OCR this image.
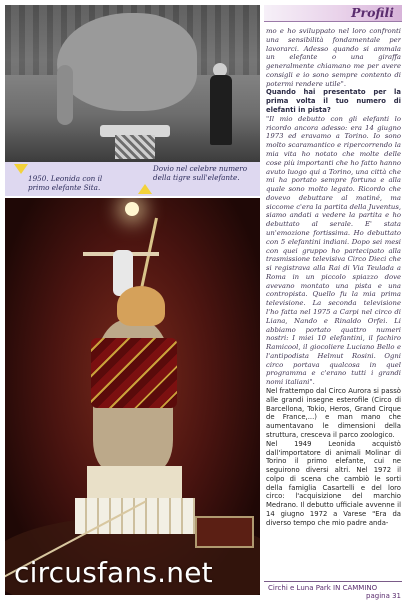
1950. Leonida con il primo elefante Sita.
Dovio nel celebre numero della tigre sull'elefante.
circusfans.net
Profili

mo e ho sviluppato nel loro confronti una sensibilità fondamentale per lavorarci. Adesso quando si ammala un elefante o una giraffa generalmente chiamano me per avere consigli e io sono sempre contento di potermi rendere utile".

Quando hai presentato per la prima volta il tuo numero di elefanti in pista?

"Il mio debutto con gli elefanti lo ricordo ancora adesso: era 14 giugno 1973 ed eravamo a Torino. Io sono molto scaramantico e ripercorrendo la mia vita ho notato che molte delle cose più importanti che ho fatto hanno avuto luogo qui a Torino, una città che mi ha portato sempre fortuna e alla quale sono molto legato. Ricordo che dovevo debuttare al matiné, ma siccome c'era la partita della Juventus, siamo andati a vedere la partita e ho debuttato al serale. E' stata un'emozione fortissima. Ho debuttato con 5 elefantini indiani. Dopo sei mesi con quei gruppo ho partecipato alla trasmissione televisiva Circo Dieci che si registrava alla Rai di Via Teulada a Roma in un piccolo spiazzo dove avevano montato una pista e una contropista. Quello fu la mia prima televisione. La seconda televisione l'ho fatta nel 1975 a Carpi nel circo di Liana, Nando e Rinaldo Orfei. Li abbiamo portato quattro numeri nostri: I miei 10 elefantini, il fachiro Ramicool, il giocoliere Luciano Bello e l'antipodista Helmut Rosini. Ogni circo portava qualcosa in quel programma e c'erano tutti i grandi nomi italiani".

Nel frattempo dal Circo Aurora si passò alle grandi insegne esterofile (Circo di Barcellona, Tokio, Heros, Grand Cirque de France,...) e man mano che aumentavano le dimensioni della struttura, cresceva il parco zoologico.

Nel 1949 Leonida acquistò dall'importatore di animali Molinar di Torino il primo elefante, cui ne seguirono diversi altri. Nel 1972 il colpo di scena che cambiò le sorti della famiglia Casartelli e del loro circo: l'acquisizione del marchio Medrano. Il debutto ufficiale avvenne il 14 giugno 1972 a Varese "Era da diverso tempo che mio padre anda-

Circhi e Luna Park IN CAMMINO
pagina 31
